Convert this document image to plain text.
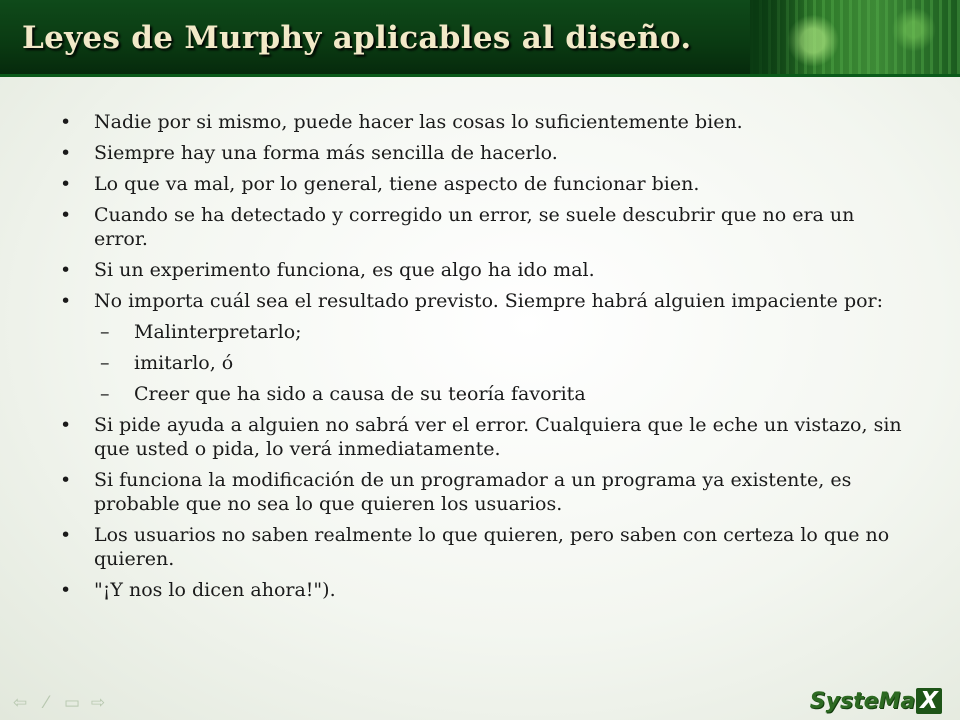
Leyes de Murphy aplicables al diseño.
• Nadie por si mismo, puede hacer las cosas lo suficientemente bien.
• Siempre hay una forma más sencilla de hacerlo.
• Lo que va mal, por lo general, tiene aspecto de funcionar bien.
• Cuando se ha detectado y corregido un error, se suele descubrir que no era un error.
• Si un experimento funciona, es que algo ha ido mal.
• No importa cuál sea el resultado previsto. Siempre habrá alguien impaciente por:
– Malinterpretarlo;
– imitarlo, ó
– Creer que ha sido a causa de su teoría favorita
• Si pide ayuda a alguien no sabrá ver el error. Cualquiera que le eche un vistazo, sin que usted o pida, lo verá inmediatamente.
• Si funciona la modificación de un programador a un programa ya existente, es probable que no sea lo que quieren los usuarios.
• Los usuarios no saben realmente lo que quieren, pero saben con certeza lo que no quieren.
• "¡Y nos lo dicen ahora!").
⇦	⁄ ▭ ⇨	SysteMa X
